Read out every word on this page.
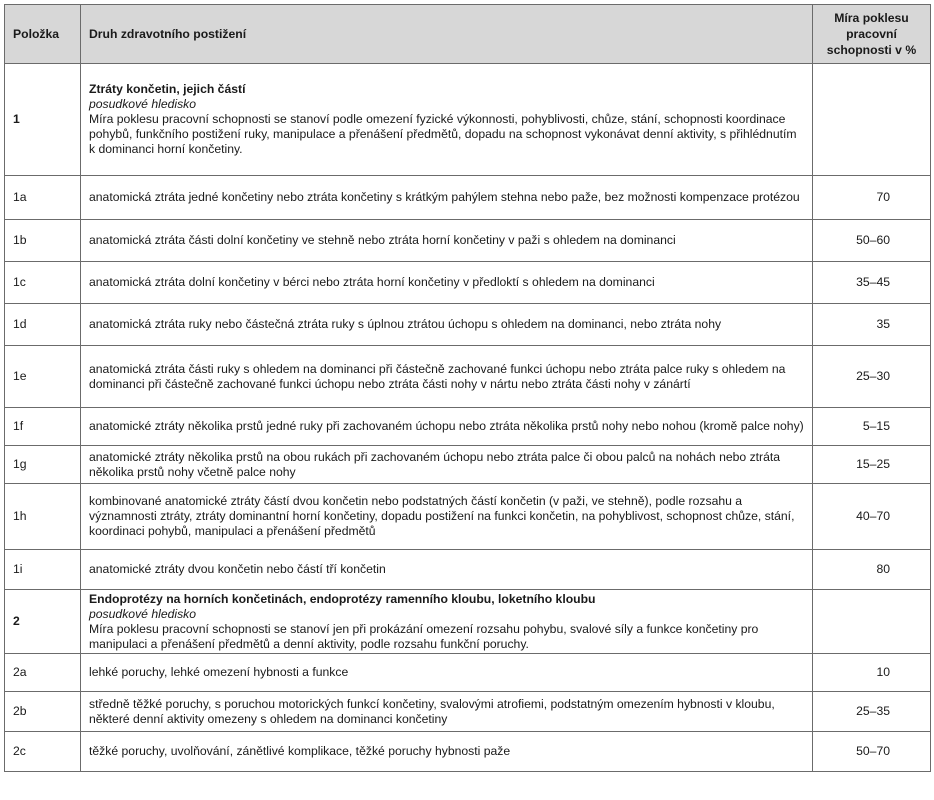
Položka	Druh zdravotního postižení	Míra poklesu
pracovní
schopnosti v %
1	Ztráty končetin, jejich částí
posudkové hledisko
Míra poklesu pracovní schopnosti se stanoví podle omezení fyzické výkonnosti, pohyblivosti, chůze, stání, schopnosti koordinace pohybů, funkčního postižení ruky, manipulace a přenášení předmětů, dopadu na schopnost vykonávat denní aktivity, s přihlédnutím k dominanci horní končetiny.	

1a	anatomická ztráta jedné končetiny nebo ztráta končetiny s krátkým pahýlem stehna nebo paže, bez možnosti kompenzace protézou	70
1b	anatomická ztráta části dolní končetiny ve stehně nebo ztráta horní končetiny v paži s ohledem na dominanci	50–60
1c	anatomická ztráta dolní končetiny v bérci nebo ztráta horní končetiny v předloktí s ohledem na dominanci	35–45
1d	anatomická ztráta ruky nebo částečná ztráta ruky s úplnou ztrátou úchopu s ohledem na dominanci, nebo ztráta nohy	35
1e	anatomická ztráta části ruky s ohledem na dominanci při částečně zachované funkci úchopu nebo ztráta palce ruky s ohledem na dominanci při částečně zachované funkci úchopu nebo ztráta části nohy v nártu nebo ztráta části nohy v zánártí	25–30
1f	anatomické ztráty několika prstů jedné ruky při zachovaném úchopu nebo ztráta několika prstů nohy nebo nohou (kromě palce nohy)	5–15
1g	anatomické ztráty několika prstů na obou rukách při zachovaném úchopu nebo ztráta palce či obou palců na nohách nebo ztráta několika prstů nohy včetně palce nohy	15–25
1h	kombinované anatomické ztráty částí dvou končetin nebo podstatných částí končetin (v paži, ve stehně), podle rozsahu a významnosti ztráty, ztráty dominantní horní končetiny, dopadu postižení na funkci končetin, na pohyblivost, schopnost chůze, stání, koordinaci pohybů, manipulaci a přenášení předmětů	40–70
1i	anatomické ztráty dvou končetin nebo částí tří končetin	80
2	Endoprotézy na horních končetinách, endoprotézy ramenního kloubu, loketního kloubu
posudkové hledisko
Míra poklesu pracovní schopnosti se stanoví jen při prokázání omezení rozsahu pohybu, svalové síly a funkce končetiny pro manipulaci a přenášení předmětů a denní aktivity, podle rozsahu funkční poruchy.	

2a	lehké poruchy, lehké omezení hybnosti a funkce	10
2b	středně těžké poruchy, s poruchou motorických funkcí končetiny, svalovými atrofiemi, podstatným omezením hybnosti v kloubu, některé denní aktivity omezeny s ohledem na dominanci končetiny	25–35
2c	těžké poruchy, uvolňování, zánětlivé komplikace, těžké poruchy hybnosti paže	50–70
